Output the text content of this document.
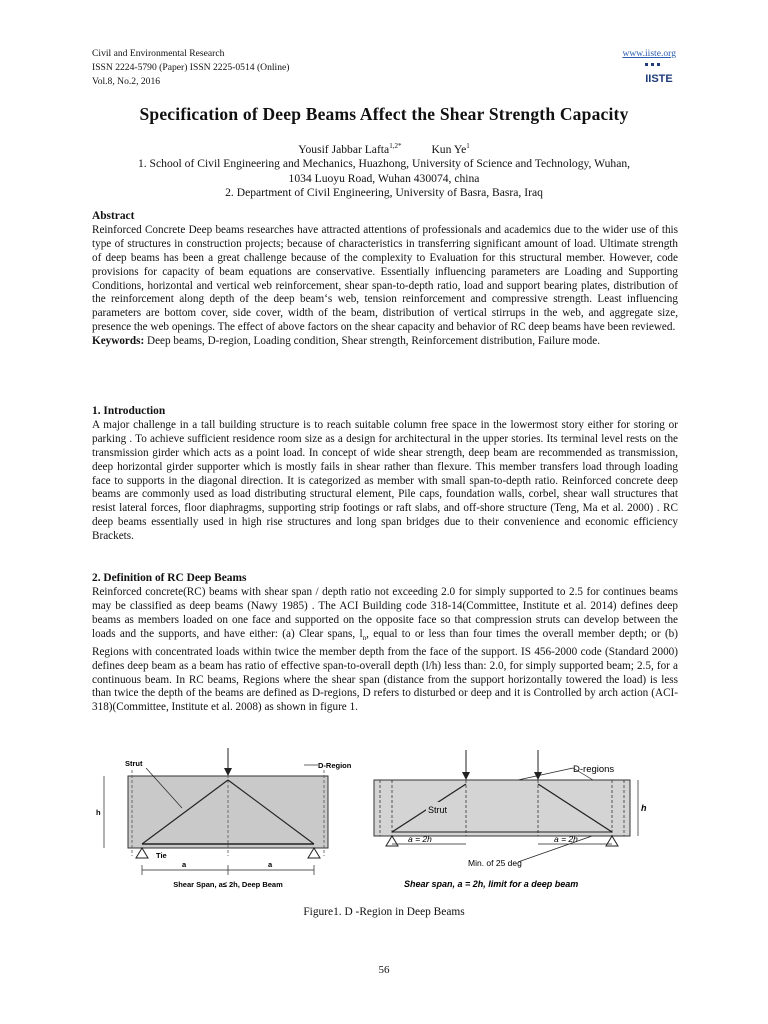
Civil and Environmental Research
ISSN 2224-5790 (Paper) ISSN 2225-0514 (Online)
Vol.8, No.2, 2016
www.iiste.org
IISTE
Specification of Deep Beams Affect the Shear Strength Capacity
Yousif Jabbar Lafta$^{1,2*}$	Kun Ye$^1$
1. School of Civil Engineering and Mechanics, Huazhong, University of Science and Technology, Wuhan,
1034 Luoyu Road, Wuhan 430074, china
2. Department of Civil Engineering, University of Basra, Basra, Iraq
Abstract

Reinforced Concrete Deep beams researches have attracted attentions of professionals and academics due to the wider use of this type of structures in construction projects; because of characteristics in transferring significant amount of load. Ultimate strength of deep beams has been a great challenge because of the complexity to Evaluation for this structural member. However, code provisions for capacity of beam equations are conservative. Essentially influencing parameters are Loading and Supporting Conditions, horizontal and vertical web reinforcement, shear span-to-depth ratio, load and support bearing plates, distribution of the reinforcement along depth of the deep beam‘s web, tension reinforcement and compressive strength. Least influencing parameters are bottom cover, side cover, width of the beam, distribution of vertical stirrups in the web, and aggregate size, presence the web openings. The effect of above factors on the shear capacity and behavior of RC deep beams have been reviewed.

Keywords: Deep beams, D-region, Loading condition, Shear strength, Reinforcement distribution, Failure mode.

1. Introduction

A major challenge in a tall building structure is to reach suitable column free space in the lowermost story either for storing or parking . To achieve sufficient residence room size as a design for architectural in the upper stories. Its terminal level rests on the transmission girder which acts as a point load. In concept of wide shear strength, deep beam are recommended as transmission, deep horizontal girder supporter which is mostly fails in shear rather than flexure. This member transfers load through loading face to supports in the diagonal direction. It is categorized as member with small span-to-depth ratio. Reinforced concrete deep beams are commonly used as load distributing structural element, Pile caps, foundation walls, corbel, shear wall structures that resist lateral forces, floor diaphragms, supporting strip footings or raft slabs, and off-shore structure (Teng, Ma et al. 2000) . RC deep beams essentially used in high rise structures and long span bridges due to their convenience and economic efficiency Brackets.

2. Definition of RC Deep Beams

Reinforced concrete(RC) beams with shear span / depth ratio not exceeding 2.0 for simply supported to 2.5 for continues beams may be classified as deep beams (Nawy 1985) . The ACI Building code 318-14(Committee, Institute et al. 2014) defines deep beams as members loaded on one face and supported on the opposite face so that compression struts can develop between the loads and the supports, and have either: (a) Clear spans, $l_n$, equal to or less than four times the overall member depth; or (b) Regions with concentrated loads within twice the member depth from the face of the support. IS 456-2000 code (Standard 2000) defines deep beam as a beam has ratio of effective span-to-overall depth (l/h) less than: 2.0, for simply supported beam; 2.5, for a continuous beam. In RC beams, Regions where the shear span (distance from the support horizontally towered the load) is less than twice the depth of the beams are defined as D-regions, D refers to disturbed or deep and it is Controlled by arch action (ACI-318)(Committee, Institute et al. 2008) as shown in figure 1.

Strut	D-Region
h
Tie
a	a
Shear Span, a≤ 2h, Deep Beam
D-regions
Strut	h
a = 2h	a = 2h
Min. of 25 deg
Shear span, a = 2h, limit for a deep beam
Figure1. D -Region in Deep Beams
56
